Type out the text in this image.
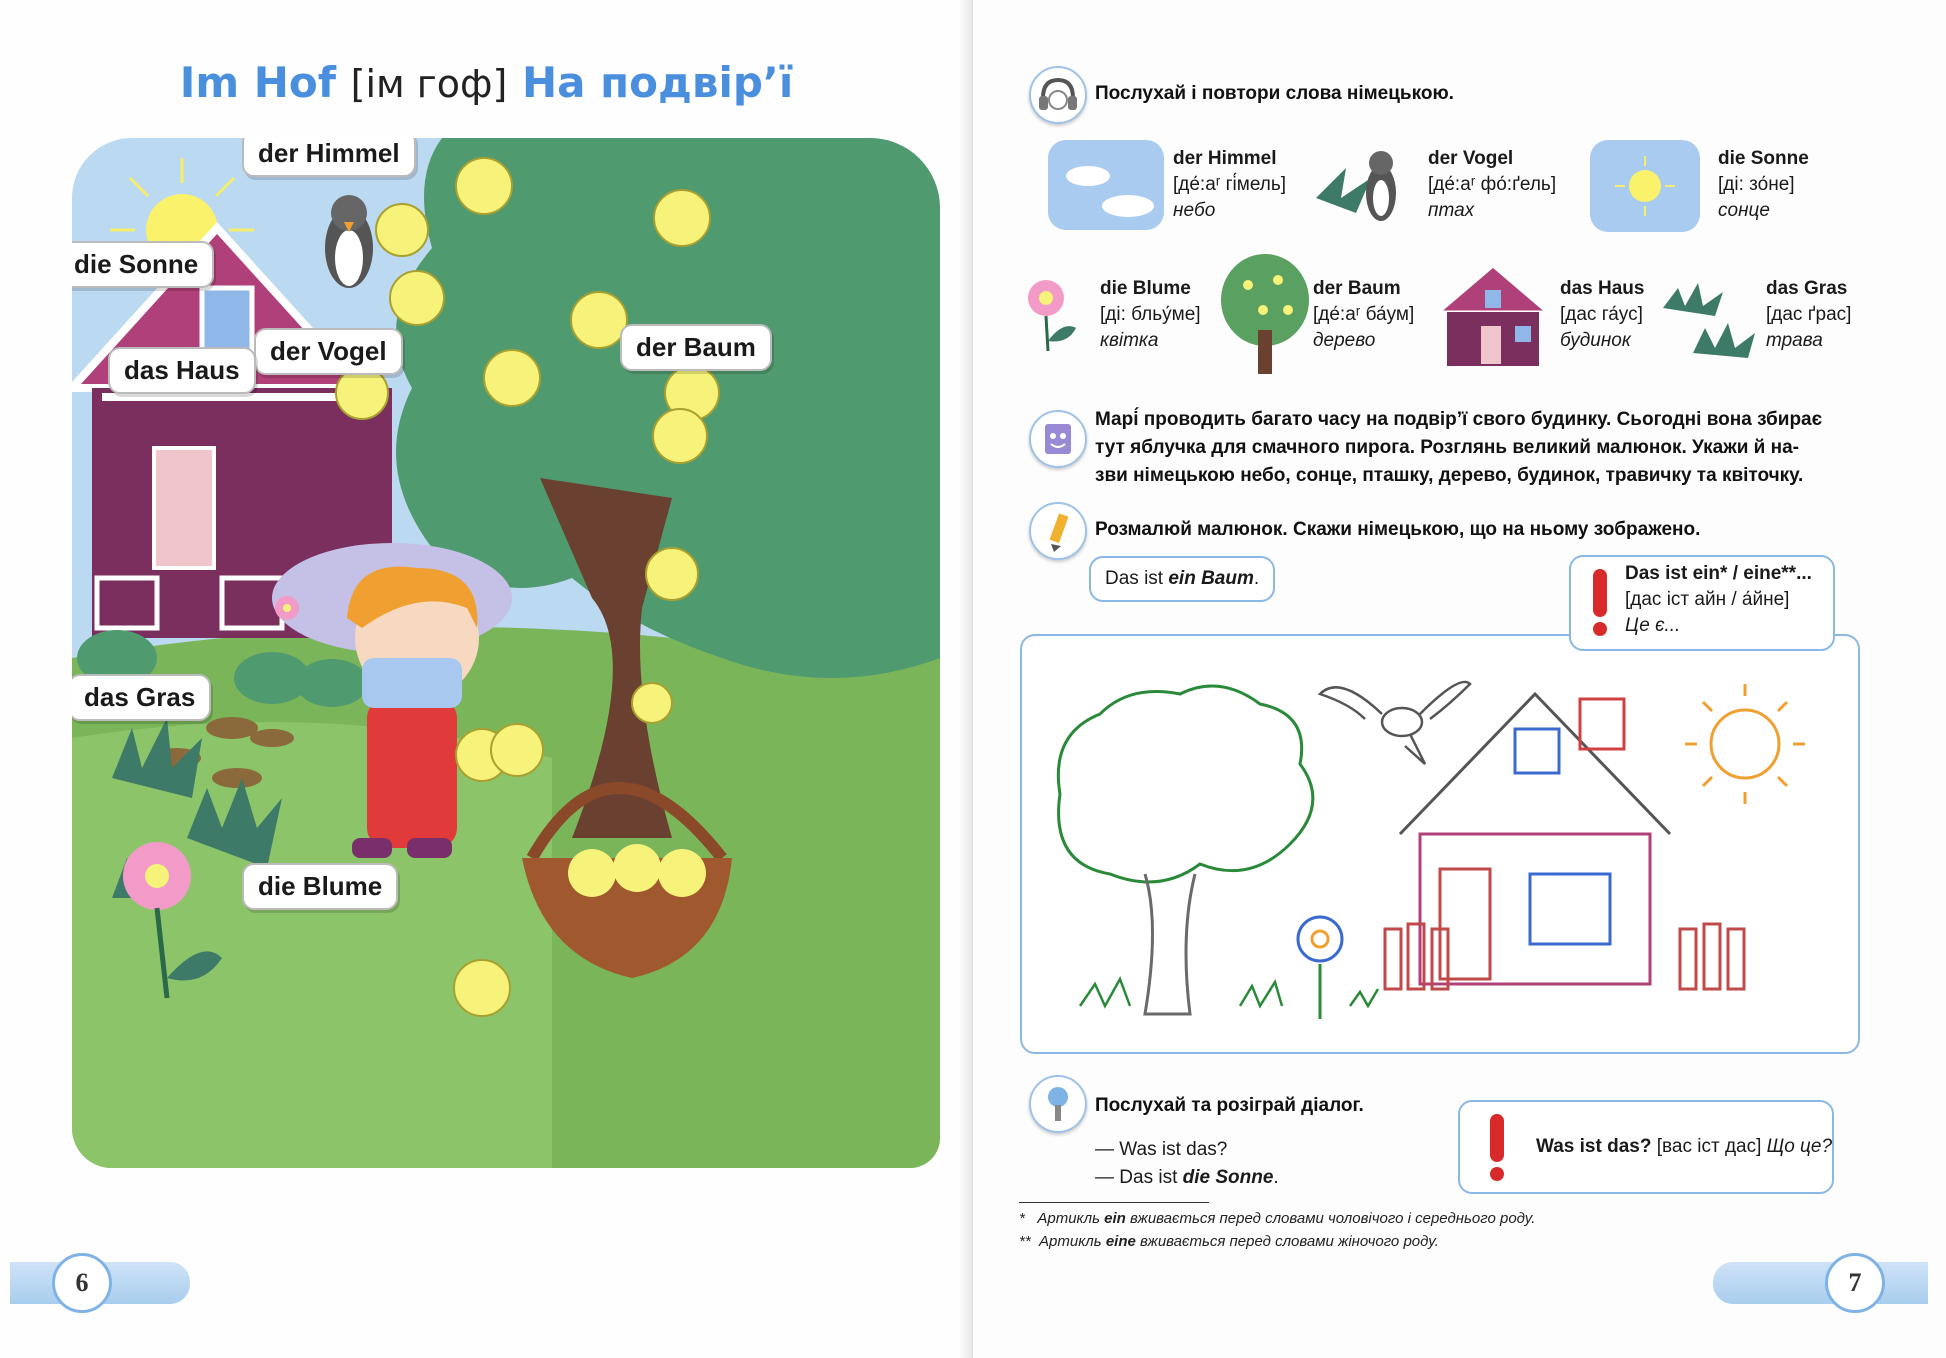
Im Hof [ім гоф] На подвір’ї
der Himmel
die Sonne
der Vogel
das Haus
der Baum
das Gras
die Blume
6
Послухай і повтори слова німецькою.
der Himmel
[де́:аʳ гі́мель]
небо
der Vogel
[де́:аʳ фо́:ґель]
птах
die Sonne
[ді: зо́не]
сонце
die Blume
[ді: бльу́ме]
квітка
der Baum
[де́:аʳ ба́ум]
дерево
das Haus
[дас га́ус]
будинок
das Gras
[дас ґрас]
трава
Марі́ проводить багато часу на подвір’ї свого будинку. Сьогодні вона збирає
тут яблучка для смачного пирога. Розглянь великий малюнок. Укажи й на-
зви німецькою небо, сонце, пташку, дерево, будинок, травичку та квіточку.
Розмалюй малюнок. Скажи німецькою, що на ньому зображено.
Das ist ein Baum.	Das ist ein* / eine**...
[дас іст айн / а́йне]
Це є...
Послухай та розіграй діалог.
— Was ist das?
— Das ist die Sonne.
Was ist das? [вас іст дас] Що це?
* Артикль ein вживається перед словами чоловічого і середнього роду.
** Артикль eine вживається перед словами жіночого роду.
7
